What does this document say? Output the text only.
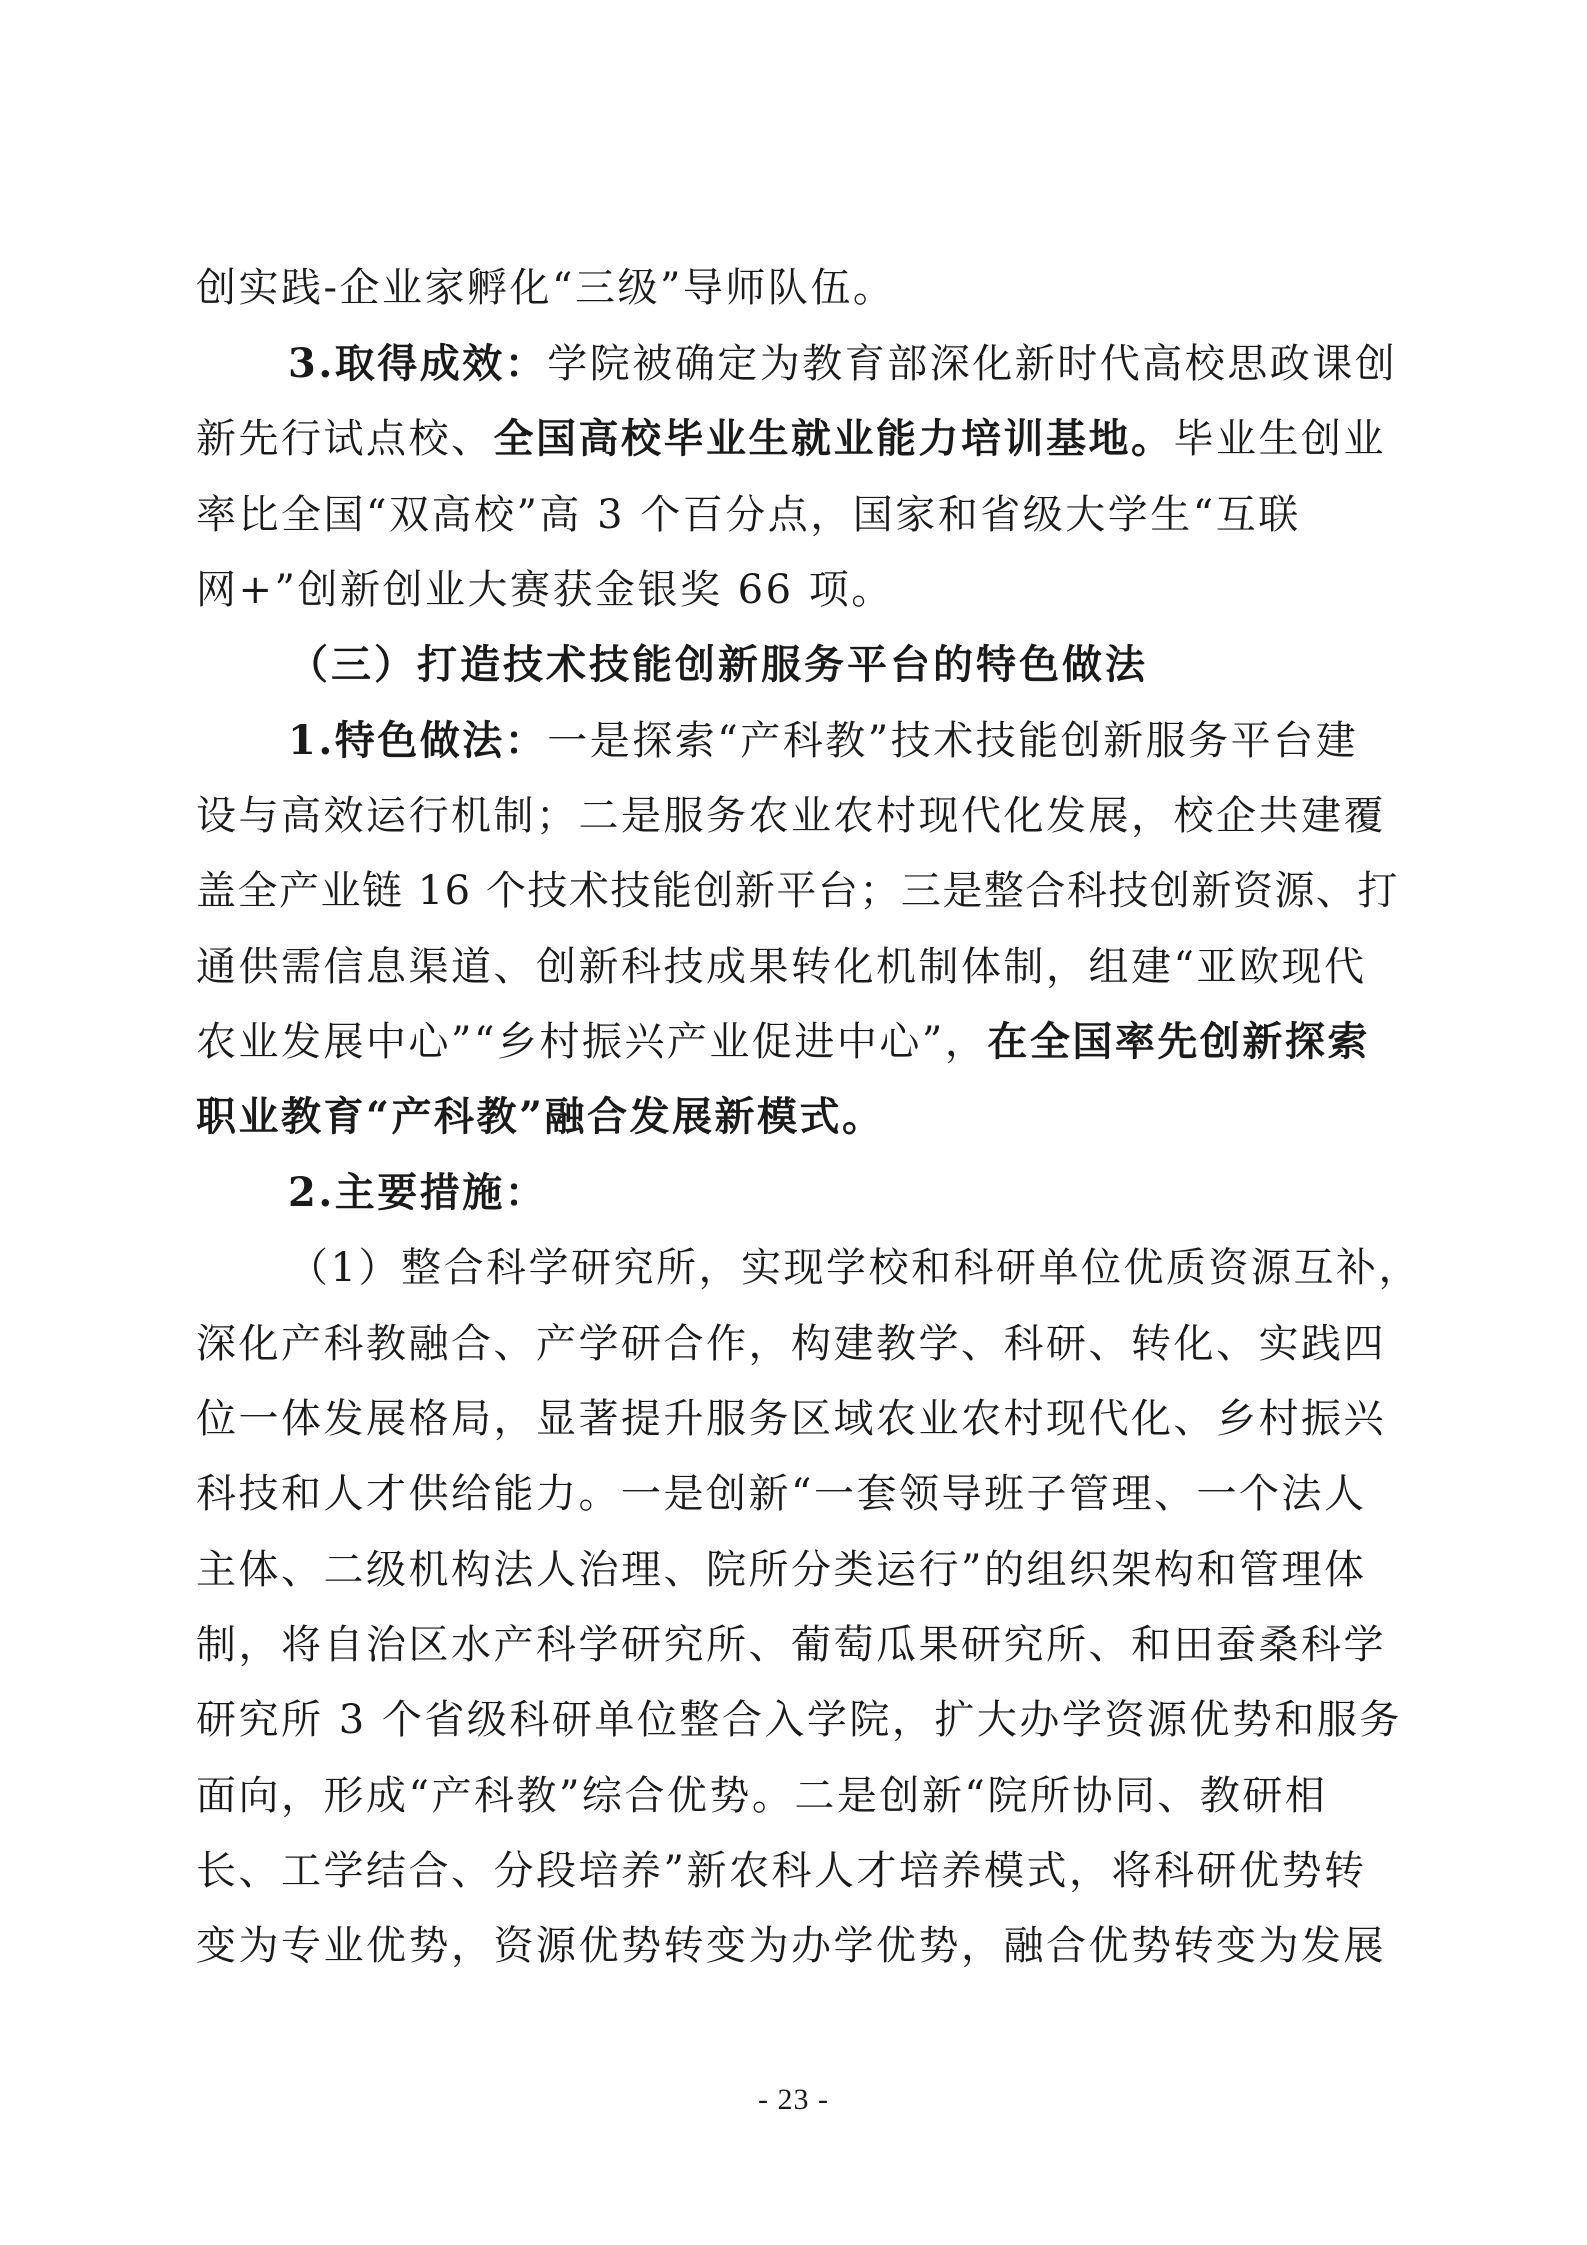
创实践-企业家孵化“三级”导师队伍。
3.取得成效：学院被确定为教育部深化新时代高校思政课创
新先行试点校、全国高校毕业生就业能力培训基地。毕业生创业
率比全国“双高校”高 3 个百分点，国家和省级大学生“互联
网+”创新创业大赛获金银奖 66 项。
（三）打造技术技能创新服务平台的特色做法
1.特色做法：一是探索“产科教”技术技能创新服务平台建
设与高效运行机制；二是服务农业农村现代化发展，校企共建覆
盖全产业链 16 个技术技能创新平台；三是整合科技创新资源、打
通供需信息渠道、创新科技成果转化机制体制，组建“亚欧现代
农业发展中心”“乡村振兴产业促进中心”，在全国率先创新探索
职业教育“产科教”融合发展新模式。
2.主要措施：
（1）整合科学研究所，实现学校和科研单位优质资源互补，
深化产科教融合、产学研合作，构建教学、科研、转化、实践四
位一体发展格局，显著提升服务区域农业农村现代化、乡村振兴
科技和人才供给能力。一是创新“一套领导班子管理、一个法人
主体、二级机构法人治理、院所分类运行”的组织架构和管理体
制，将自治区水产科学研究所、葡萄瓜果研究所、和田蚕桑科学
研究所 3 个省级科研单位整合入学院，扩大办学资源优势和服务
面向，形成“产科教”综合优势。二是创新“院所协同、教研相
长、工学结合、分段培养”新农科人才培养模式，将科研优势转
变为专业优势，资源优势转变为办学优势，融合优势转变为发展
- 23 -
